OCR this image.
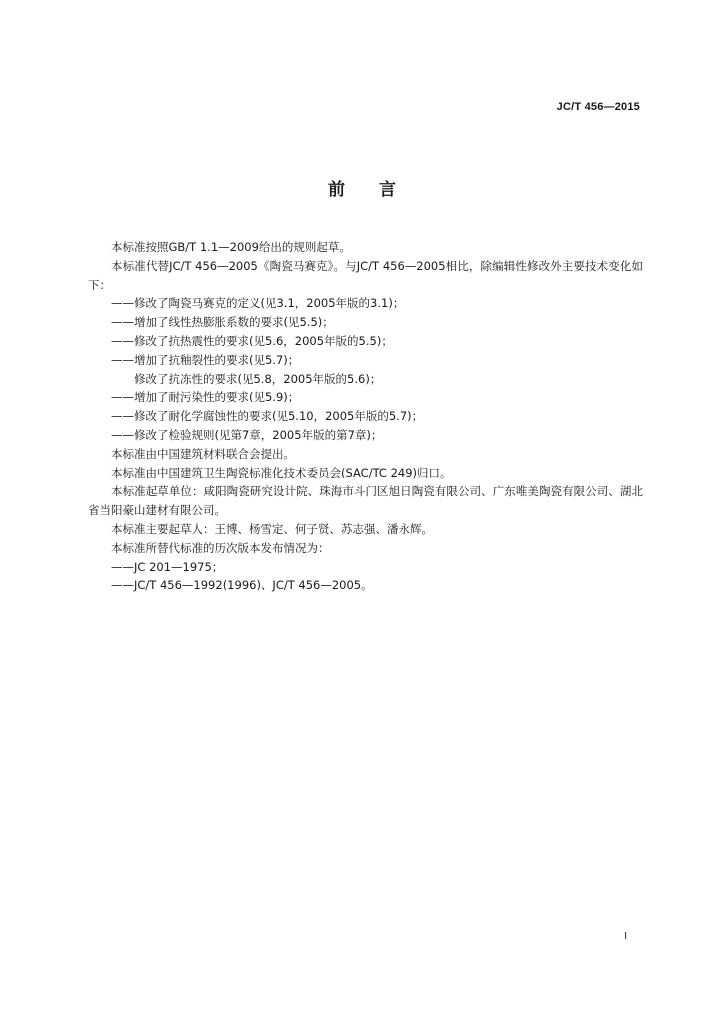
JC/T 456—2015
前言

本标准按照GB/T 1.1—2009给出的规则起草。

本标准代替JC/T 456—2005《陶瓷马赛克》。与JC/T 456—2005相比，除编辑性修改外主要技术变化如下：

——修改了陶瓷马赛克的定义(见3.1，2005年版的3.1)；

——增加了线性热膨胀系数的要求(见5.5)；

——修改了抗热震性的要求(见5.6，2005年版的5.5)；

——增加了抗釉裂性的要求(见5.7)；

修改了抗冻性的要求(见5.8，2005年版的5.6)；

——增加了耐污染性的要求(见5.9)；

——修改了耐化学腐蚀性的要求(见5.10，2005年版的5.7)；

——修改了检验规则(见第7章，2005年版的第7章)；

本标准由中国建筑材料联合会提出。

本标准由中国建筑卫生陶瓷标准化技术委员会(SAC/TC 249)归口。

本标准起草单位：咸阳陶瓷研究设计院、珠海市斗门区旭日陶瓷有限公司、广东唯美陶瓷有限公司、湖北省当阳豪山建材有限公司。

本标准主要起草人：王博、杨雪定、何子贤、苏志强、潘永辉。

本标准所替代标准的历次版本发布情况为：

——JC 201—1975；

——JC/T 456—1992(1996)、JC/T 456—2005。

I
